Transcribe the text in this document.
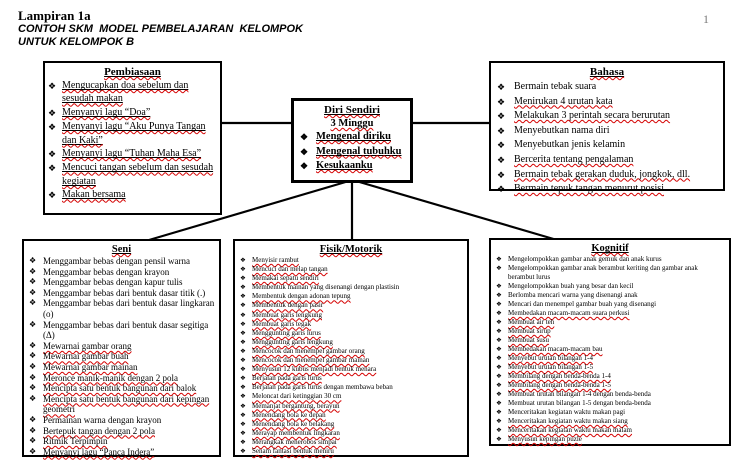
Lampiran 1a
CONTOH SKM  MODEL PEMBELAJARAN  KELOMPOK
UNTUK KELOMPOK B
1
Pembiasaan
❖ Mengucapkan doa sebelum dan sesudah makan
❖ Menyanyi lagu “Doa”
❖ Menyanyi lagu “Aku Punya Tangan dan Kaki”
❖ Menyanyi lagu “Tuhan Maha Esa”
❖ Mencuci tangan sebelum dan sesudah kegiatan
❖ Makan bersama
Diri Sendiri
3 Minggu
❖ Mengenal diriku
❖ Mengenal tubuhku
❖ Kesukaanku
Bahasa
❖ Bermain tebak suara
❖ Menirukan 4 urutan kata
❖ Melakukan 3 perintah secara berurutan
❖ Menyebutkan nama diri
❖ Menyebutkan jenis kelamin
❖ Bercerita tentang pengalaman
❖ Bermain tebak gerakan duduk, jongkok, dll.
❖ Bermain tepuk tangan menurut posisi
Seni
❖ Menggambar bebas dengan pensil warna
❖ Menggambar bebas dengan krayon
❖ Menggambar bebas dengan kapur tulis
❖ Menggambar bebas dari bentuk dasar titik (.)
❖ Menggambar bebas dari bentuk dasar lingkaran (o)
❖ Menggambar bebas dari bentuk dasar segitiga (Δ)
❖ Mewarnai gambar orang
❖ Mewarnai gambar buah
❖ Mewarnai gambar mainan
❖ Meronce manik-manik dengan 2 pola
❖ Mencipta satu bentuk bangunan dari balok
❖ Mencipta satu bentuk bangunan dari kepingan geometri
❖ Permainan warna dengan krayon
❖ Bertepuk tangan dengan 2 pola
❖ Ritmik Terpimpin
❖ Menyanyi lagu “Panca Indera”
Fisik/Motorik
❖ Menyisir rambut
❖ Mencuci dan melap tangan
❖ Memakai sepatu sendiri
❖ Membentuk mainan yang disenangi dengan plastisin
❖ Membentuk dengan adonan tepung
❖ Membentuk dengan pasir
❖ Membuat garis lengkung
❖ Membuat garis tegak
❖ Menggunting garis lurus
❖ Menggunting garis lengkung
❖ Mencocok dan menempel gambar orang
❖ Mencocok dan menempel gambar mainan
❖ Menyusun 12 kubus menjadi bentuk menara
❖ Berjalan pada garis lurus
❖ Berjalan pada garis lurus dengan membawa beban
❖ Meloncat dari ketinggian 30 cm
❖ Memanjat bergantung, berayun
❖ Menendang bola ke depan
❖ Menendang bola ke belakang
❖ Merayap membentuk lingkaran
❖ Merangkak menerobos simpai
❖ Senam fantasi bentuk meniru
Kognitif
❖ Mengelompokkan gambar anak gemuk dan anak kurus
❖ Mengelompokkan gambar anak berambut keriting dan gambar anak berambut lurus
❖ Mengelompokkan buah yang besar dan kecil
❖ Berlomba mencari warna yang disenangi anak
❖ Mencari dan menempel gambar buah yang disenangi
❖ Membedakan macam-macam suara perkusi
❖ Membuat air teh
❖ Membuat sirup
❖ Membuat susu
❖ Membedakan macam-macam bau
❖ Menyebut urutan bilangan 1-4
❖ Menyebut urutan bilangan 1-5
❖ Membilang dengan benda-benda 1-4
❖ Membilang dengan benda-benda 1-5
❖ Membuat urutan bilangan 1-4 dengan benda-benda
❖ Membuat urutan bilangan 1-5 dengan benda-benda
❖ Menceritakan kegiatan waktu makan pagi
❖ Menceritakan kegiatan waktu makan siang
❖ Menceritakan kegiatan waktu makan malam
❖ Menyusun kepingan puzle
